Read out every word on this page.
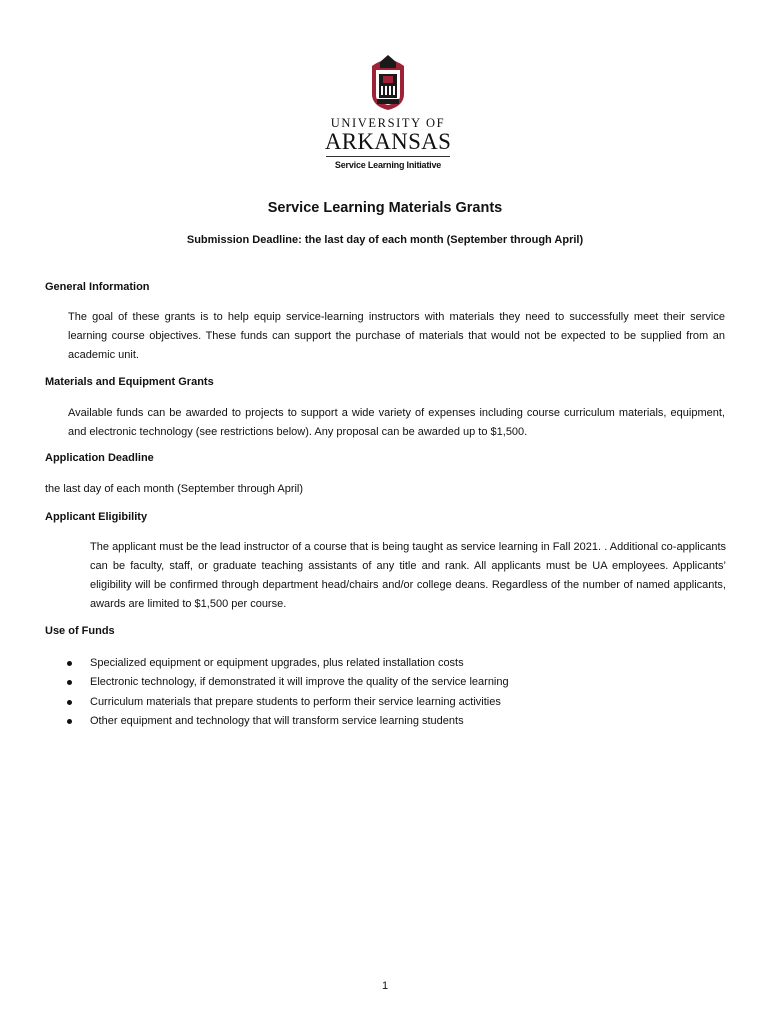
UNIVERSITY OF
ARKANSAS
Service Learning Initiative
Service Learning Materials Grants
Submission Deadline: the last day of each month (September through April)
General Information
The goal of these grants is to help equip service-learning instructors with materials they need to successfully meet their service learning course objectives. These funds can support the purchase of materials that would not be expected to be supplied from an academic unit.
Materials and Equipment Grants
Available funds can be awarded to projects to support a wide variety of expenses including course curriculum materials, equipment, and electronic technology (see restrictions below). Any proposal can be awarded up to $1,500.
Application Deadline
the last day of each month (September through April)
Applicant Eligibility
The applicant must be the lead instructor of a course that is being taught as service learning in Fall 2021. . Additional co-applicants can be faculty, staff, or graduate teaching assistants of any title and rank. All applicants must be UA employees. Applicants’ eligibility will be confirmed through department head/chairs and/or college deans. Regardless of the number of named applicants, awards are limited to $1,500 per course.
Use of Funds
Specialized equipment or equipment upgrades, plus related installation costs
Electronic technology, if demonstrated it will improve the quality of the service learning
Curriculum materials that prepare students to perform their service learning activities
Other equipment and technology that will transform service learning students
1
